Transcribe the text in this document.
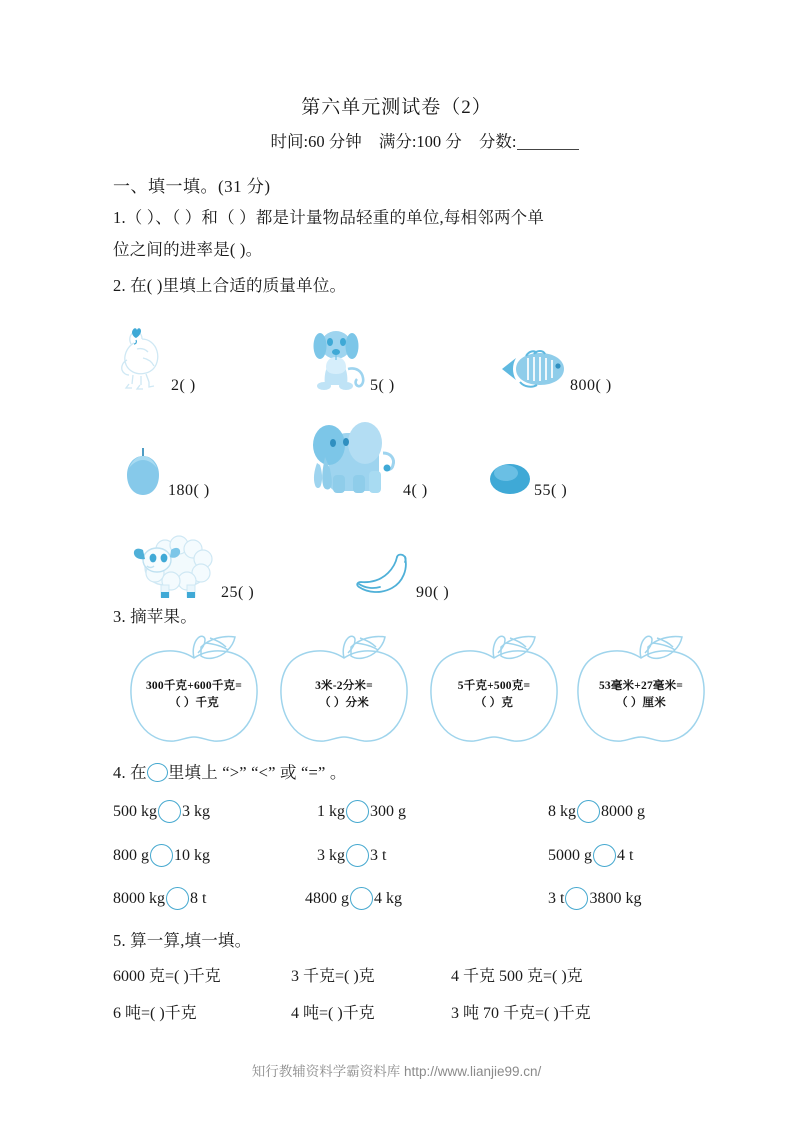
第六单元测试卷（2）
时间:60 分钟 满分:100 分 分数:
一、填一填。(31 分)
1.（ ）、（ ）和（ ）都是计量物品轻重的单位,每相邻两个单
位之间的进率是( )。
2. 在( )里填上合适的质量单位。
2( )	5( )	800( )
180( )	4( )	55( )
25( )	90( )
3. 摘苹果。
300千克+600千克=
（ ）千克
3米-2分米=
（ ）分米
5千克+500克=
（ ）克
53毫米+27毫米=
（ ）厘米
4. 在 里填上 “>” “<” 或 “=” 。
500 kg 3 kg	1 kg 300 g	8 kg 8000 g
800 g 10 kg	3 kg 3 t	5000 g 4 t
8000 kg 8 t	4800 g 4 kg	3 t 3800 kg
5. 算一算,填一填。
6000 克=( )千克	3 千克=( )克	4 千克 500 克=( )克
6 吨=( )千克	4 吨=( )千克	3 吨 70 千克=( )千克
知行教辅资料学霸资料库 http://www.lianjie99.cn/
